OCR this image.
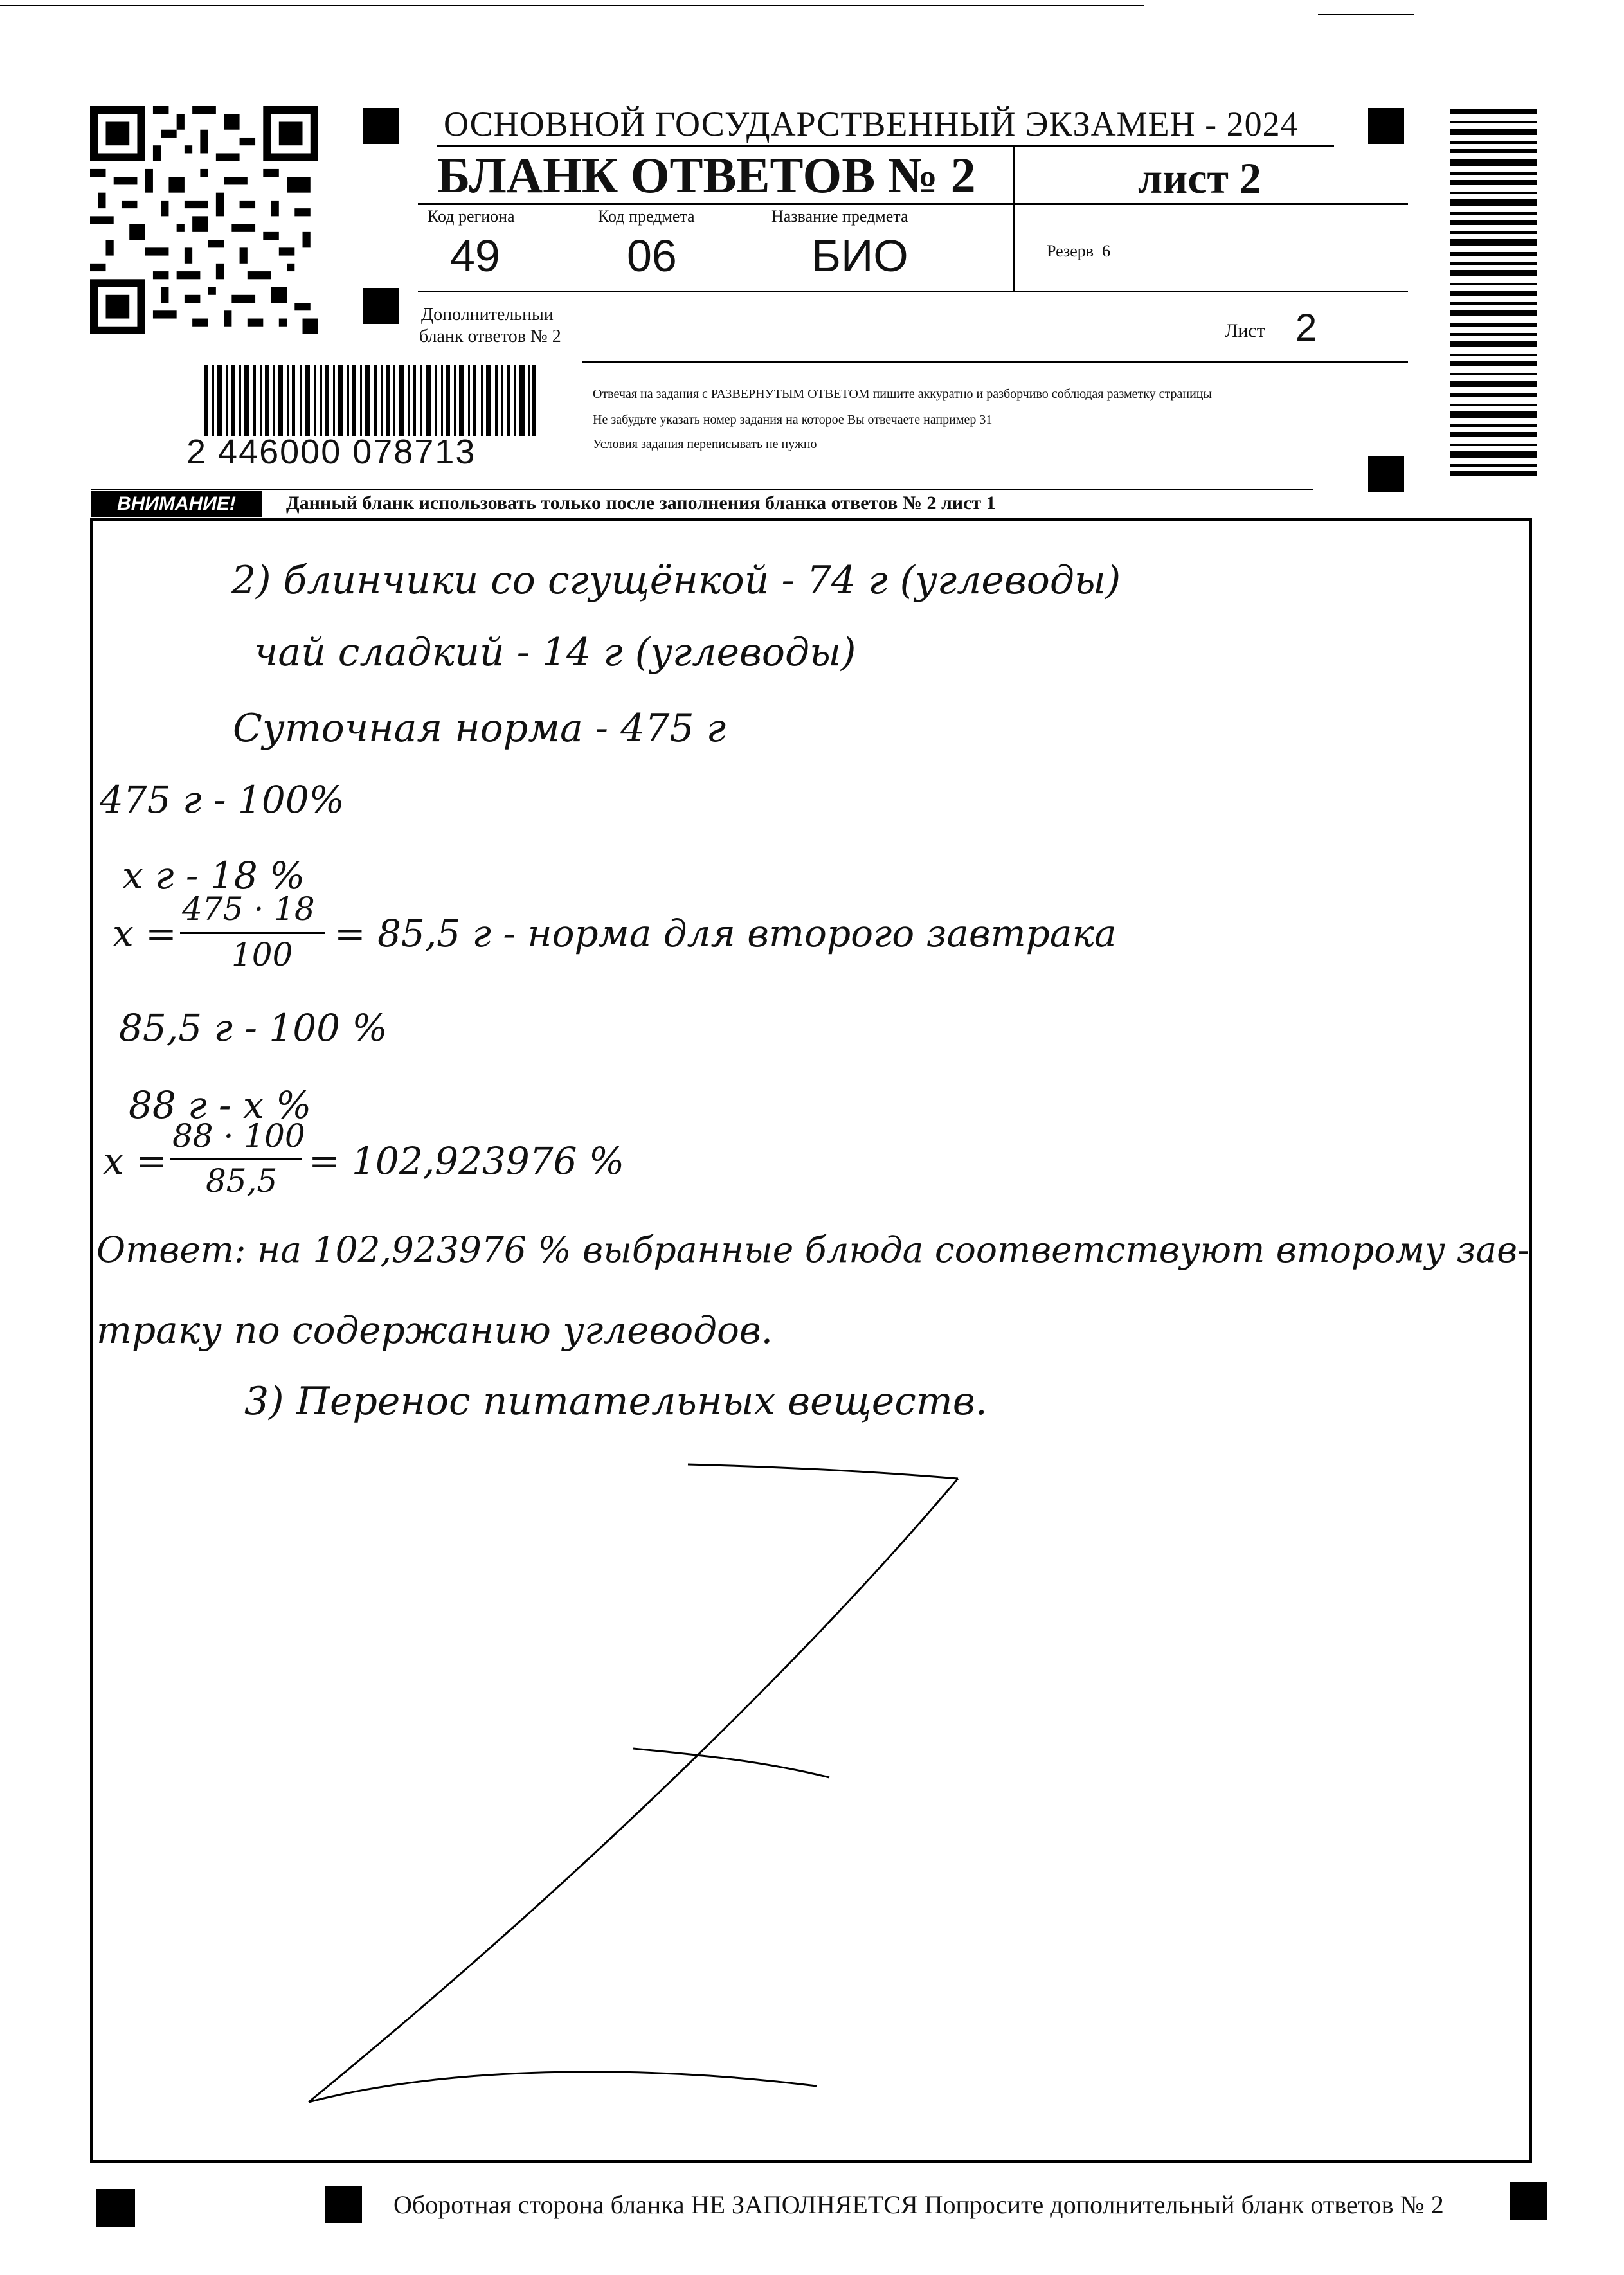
ОСНОВНОЙ ГОСУДАРСТВЕННЫЙ ЭКЗАМЕН - 2024
БЛАНК ОТВЕТОВ № 2	лист 2
Код региона
49
Код предмета
06
Название предмета
БИО	Резерв 6
Дополнительныи
бланк ответов № 2	Лист 2
2 446000 078713
Отвечая на задания с РАЗВЕРНУТЫМ ОТВЕТОМ пишите аккуратно и разборчиво соблюдая разметку страницы
Не забудьте указать номер задания на которое Вы отвечаете например 31
Условия задания переписывать не нужно
ВНИМАНИЕ!	Данный бланк использовать только после заполнения бланка ответов № 2 лист 1
2) блинчики со сгущёнкой - 74 г (углеводы)
чай сладкий - 14 г (углеводы)
Суточная норма - 475 г
475 г - 100%
х г - 18 %
х =
475 · 18
100 = 85,5 г - норма для второго завтрака
85,5 г - 100 %
88 г - х %
х =
88 · 100
85,5 = 102,923976 %
Ответ: на 102,923976 % выбранные блюда соответствуют второму зав-
траку по содержанию углеводов.
3) Перенос питательных веществ.
Оборотная сторона бланка НЕ ЗАПОЛНЯЕТСЯ Попросите дополнительный бланк ответов № 2
